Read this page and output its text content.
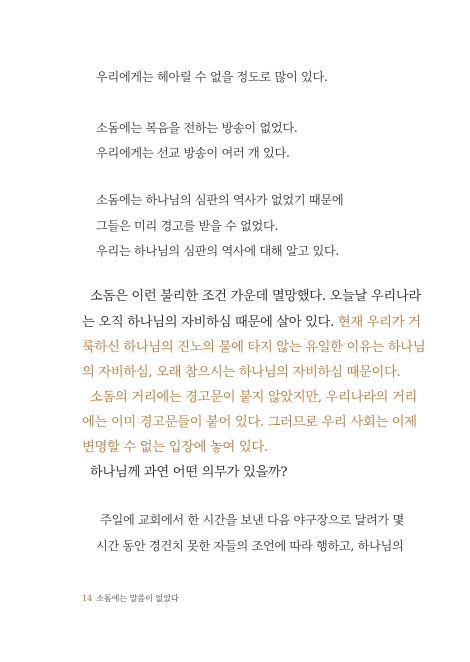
우리에게는 헤아릴 수 없을 정도로 많이 있다.
소돔에는 복음을 전하는 방송이 없었다.
우리에게는 선교 방송이 여러 개 있다.
소돔에는 하나님의 심판의 역사가 없었기 때문에
그들은 미리 경고를 받을 수 없었다.
우리는 하나님의 심판의 역사에 대해 알고 있다.
소돔은 이런 불리한 조건 가운데 멸망했다. 오늘날 우리나라
는 오직 하나님의 자비하심 때문에 살아 있다. 현재 우리가 거
룩하신 하나님의 진노의 불에 타지 않는 유일한 이유는 하나님
의 자비하심, 오래 참으시는 하나님의 자비하심 때문이다.
소돔의 거리에는 경고문이 붙지 않았지만, 우리나라의 거리
에는 이미 경고문들이 붙어 있다. 그러므로 우리 사회는 이제
변명할 수 없는 입장에 놓여 있다.
하나님께 과연 어떤 의무가 있을까?
주일에 교회에서 한 시간을 보낸 다음 야구장으로 달려가 몇
시간 동안 경건치 못한 자들의 조언에 따라 행하고, 하나님의
14 소돔에는 말씀이 없었다
